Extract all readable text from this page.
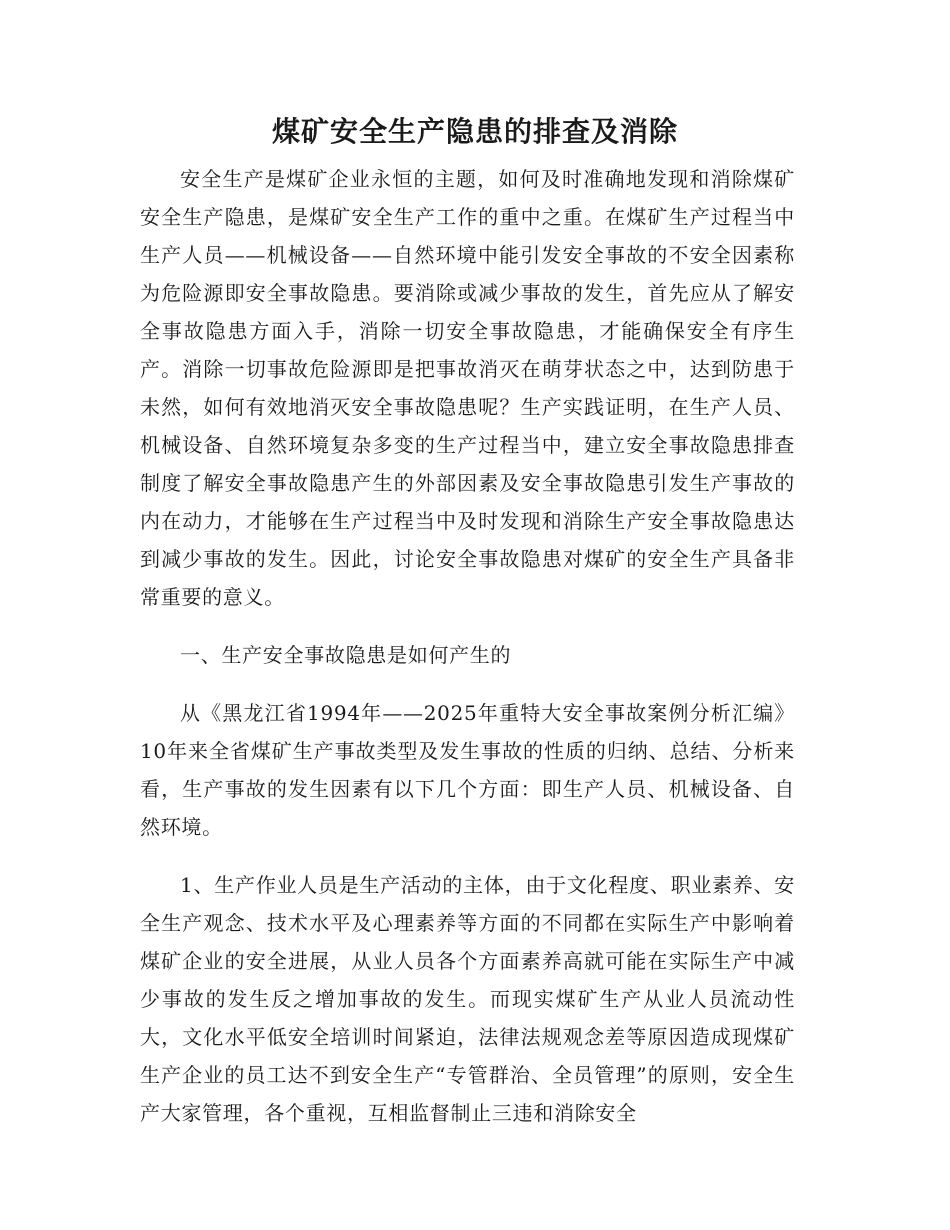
煤矿安全生产隐患的排查及消除

安全生产是煤矿企业永恒的主题，如何及时准确地发现和消除煤矿安全生产隐患，是煤矿安全生产工作的重中之重。在煤矿生产过程当中生产人员——机械设备——自然环境中能引发安全事故的不安全因素称为危险源即安全事故隐患。要消除或减少事故的发生，首先应从了解安全事故隐患方面入手，消除一切安全事故隐患，才能确保安全有序生产。消除一切事故危险源即是把事故消灭在萌芽状态之中，达到防患于未然，如何有效地消灭安全事故隐患呢？生产实践证明，在生产人员、机械设备、自然环境复杂多变的生产过程当中，建立安全事故隐患排查制度了解安全事故隐患产生的外部因素及安全事故隐患引发生产事故的内在动力，才能够在生产过程当中及时发现和消除生产安全事故隐患达到减少事故的发生。因此，讨论安全事故隐患对煤矿的安全生产具备非常重要的意义。

一、生产安全事故隐患是如何产生的

从《黑龙江省1994年——2025年重特大安全事故案例分析汇编》10年来全省煤矿生产事故类型及发生事故的性质的归纳、总结、分析来看，生产事故的发生因素有以下几个方面：即生产人员、机械设备、自然环境。

1、生产作业人员是生产活动的主体，由于文化程度、职业素养、安全生产观念、技术水平及心理素养等方面的不同都在实际生产中影响着煤矿企业的安全进展，从业人员各个方面素养高就可能在实际生产中减少事故的发生反之增加事故的发生。而现实煤矿生产从业人员流动性大，文化水平低安全培训时间紧迫，法律法规观念差等原因造成现煤矿生产企业的员工达不到安全生产“专管群治、全员管理”的原则，安全生产大家管理，各个重视，互相监督制止三违和消除安全
